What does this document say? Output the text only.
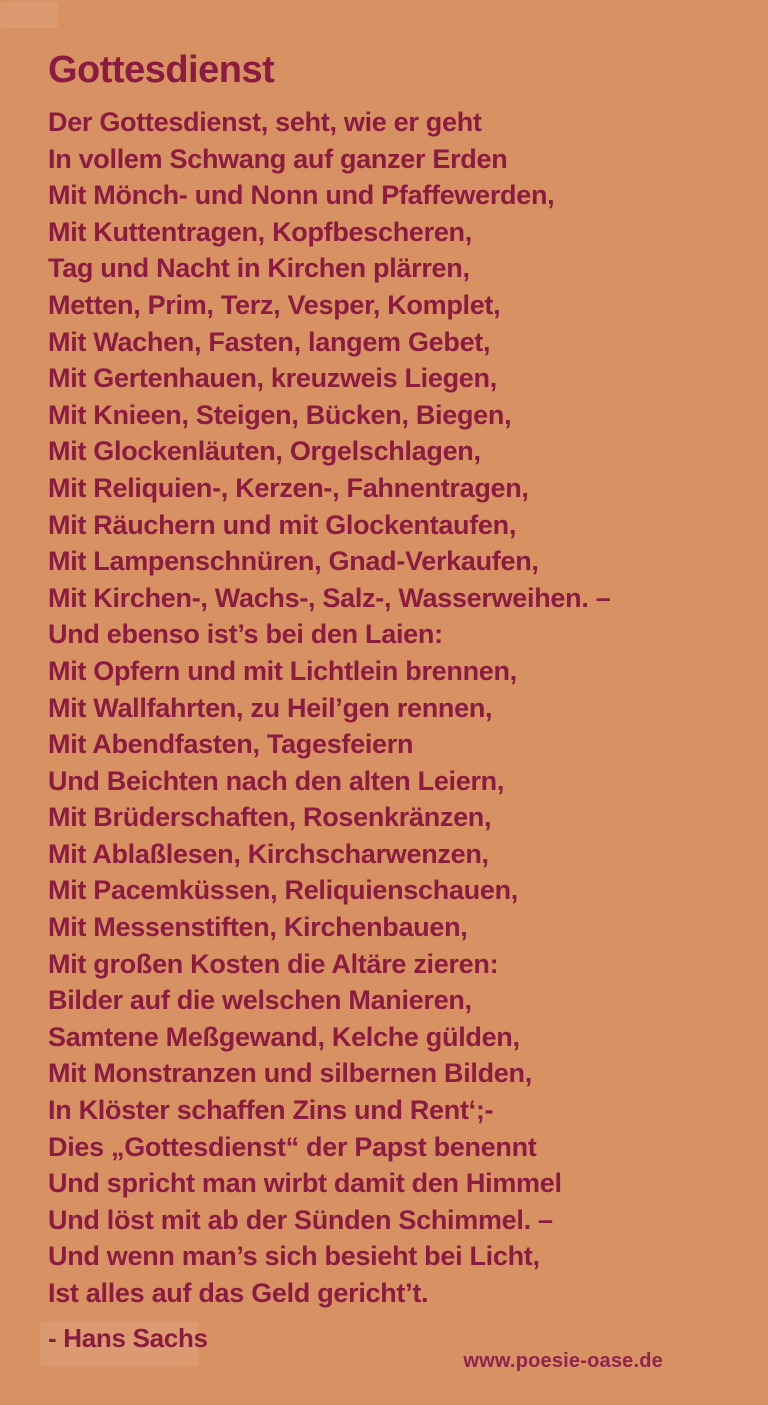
Gottesdienst
Der Gottesdienst, seht, wie er geht
In vollem Schwang auf ganzer Erden
Mit Mönch- und Nonn und Pfaffewerden,
Mit Kuttentragen, Kopfbescheren,
Tag und Nacht in Kirchen plärren,
Metten, Prim, Terz, Vesper, Komplet,
Mit Wachen, Fasten, langem Gebet,
Mit Gertenhauen, kreuzweis Liegen,
Mit Knieen, Steigen, Bücken, Biegen,
Mit Glockenläuten, Orgelschlagen,
Mit Reliquien-, Kerzen-, Fahnentragen,
Mit Räuchern und mit Glockentaufen,
Mit Lampenschnüren, Gnad-Verkaufen,
Mit Kirchen-, Wachs-, Salz-, Wasserweihen. –
Und ebenso ist’s bei den Laien:
Mit Opfern und mit Lichtlein brennen,
Mit Wallfahrten, zu Heil’gen rennen,
Mit Abendfasten, Tagesfeiern
Und Beichten nach den alten Leiern,
Mit Brüderschaften, Rosenkränzen,
Mit Ablaßlesen, Kirchscharwenzen,
Mit Pacemküssen, Reliquienschauen,
Mit Messenstiften, Kirchenbauen,
Mit großen Kosten die Altäre zieren:
Bilder auf die welschen Manieren,
Samtene Meßgewand, Kelche gülden,
Mit Monstranzen und silbernen Bilden,
In Klöster schaffen Zins und Rent‘;-
Dies „Gottesdienst“ der Papst benennt
Und spricht man wirbt damit den Himmel
Und löst mit ab der Sünden Schimmel. –
Und wenn man’s sich besieht bei Licht,
Ist alles auf das Geld gericht’t.
- Hans Sachs
www.poesie-oase.de
